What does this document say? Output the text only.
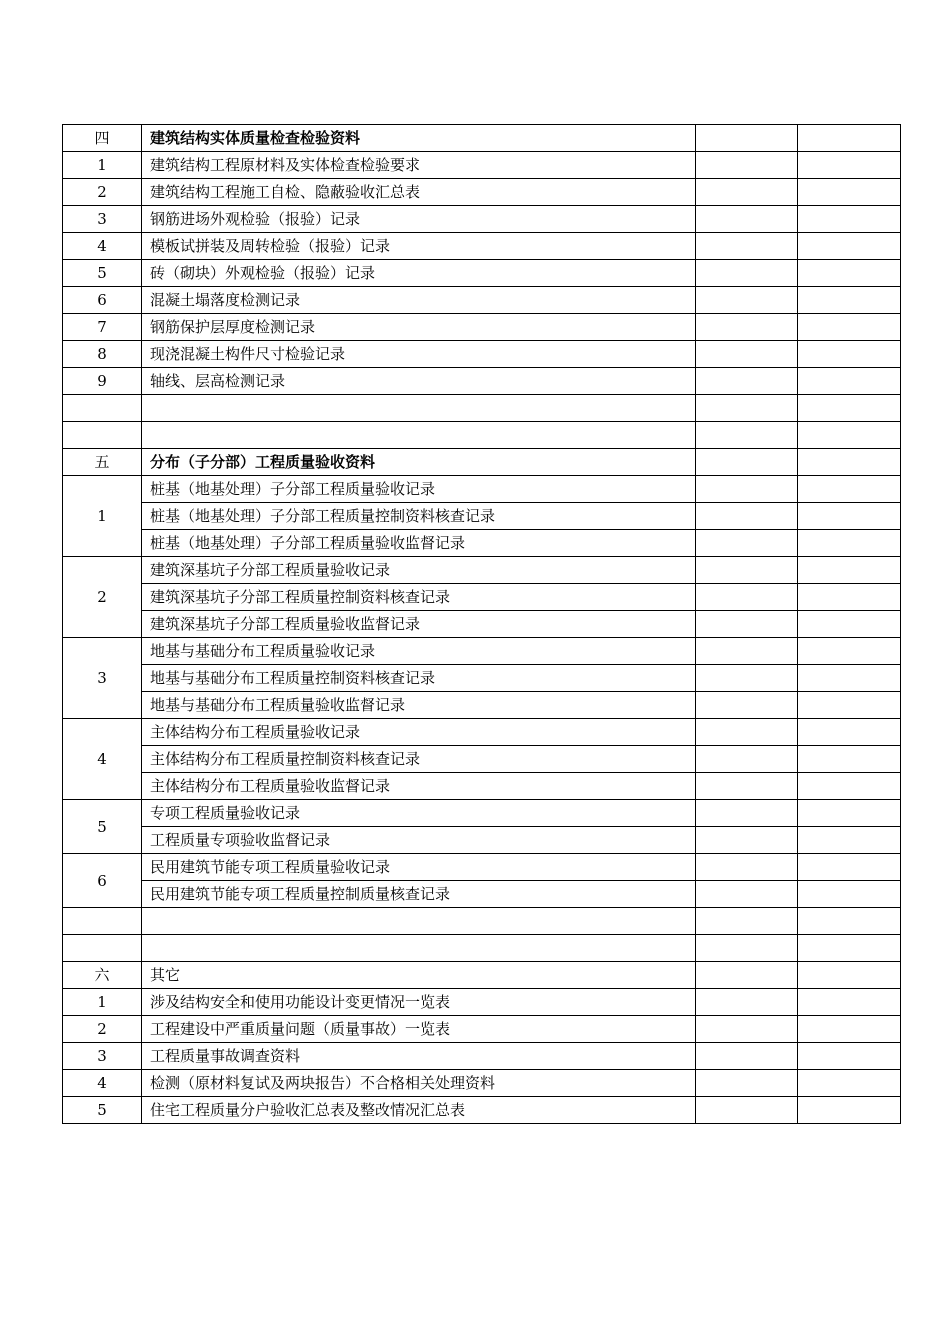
四	建筑结构实体质量检查检验资料		
1	建筑结构工程原材料及实体检查检验要求		
2	建筑结构工程施工自检、隐蔽验收汇总表		
3	钢筋进场外观检验（报验）记录		
4	模板试拼装及周转检验（报验）记录		
5	砖（砌块）外观检验（报验）记录		
6	混凝土塌落度检测记录		
7	钢筋保护层厚度检测记录		
8	现浇混凝土构件尺寸检验记录		
9	轴线、层高检测记录		

五	分布（子分部）工程质量验收资料		
1	桩基（地基处理）子分部工程质量验收记录		
	桩基（地基处理）子分部工程质量控制资料核查记录		
	桩基（地基处理）子分部工程质量验收监督记录		
2	建筑深基坑子分部工程质量验收记录		
	建筑深基坑子分部工程质量控制资料核查记录		
	建筑深基坑子分部工程质量验收监督记录		
3	地基与基础分布工程质量验收记录		
	地基与基础分布工程质量控制资料核查记录		
	地基与基础分布工程质量验收监督记录		
4	主体结构分布工程质量验收记录		
	主体结构分布工程质量控制资料核查记录		
	主体结构分布工程质量验收监督记录		
5	专项工程质量验收记录		
	工程质量专项验收监督记录		
6	民用建筑节能专项工程质量验收记录		
	民用建筑节能专项工程质量控制质量核查记录		

六	其它		
1	涉及结构安全和使用功能设计变更情况一览表		
2	工程建设中严重质量问题（质量事故）一览表		
3	工程质量事故调查资料		
4	检测（原材料复试及两块报告）不合格相关处理资料		
5	住宅工程质量分户验收汇总表及整改情况汇总表		
